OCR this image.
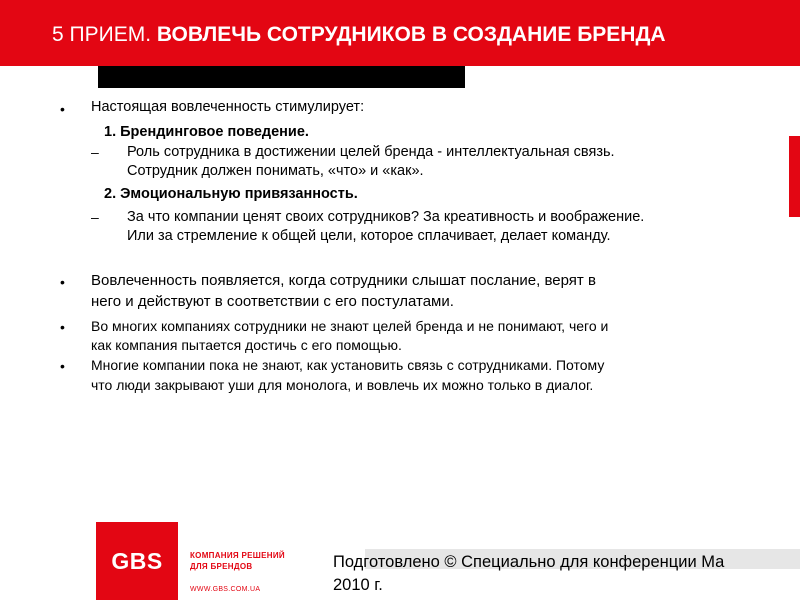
5 ПРИЕМ. ВОВЛЕЧЬ СОТРУДНИКОВ В СОЗДАНИЕ БРЕНДА
• Настоящая вовлеченность стимулирует:
1. Брендинговое поведение.
– Роль сотрудника в достижении целей бренда - интеллектуальная связь.
Сотрудник должен понимать, «что» и «как».
2. Эмоциональную привязанность.
– За что компании ценят своих сотрудников? За креативность и воображение.
Или за стремление к общей цели, которое сплачивает, делает команду.
• Вовлеченность появляется, когда сотрудники слышат послание, верят в
него и действуют в соответствии с его постулатами.
• Во многих компаниях сотрудники не знают целей бренда и не понимают, чего и
как компания пытается достичь с его помощью.
• Многие компании пока не знают, как установить связь с сотрудниками. Потому
что люди закрывают уши для монолога, и вовлечь их можно только в диалог.
GBS	КОМПАНИЯ РЕШЕНИЙ
ДЛЯ БРЕНДОВ
WWW.GBS.COM.UA
Подготовлено © Специально для конференции Ма
2010 г.
